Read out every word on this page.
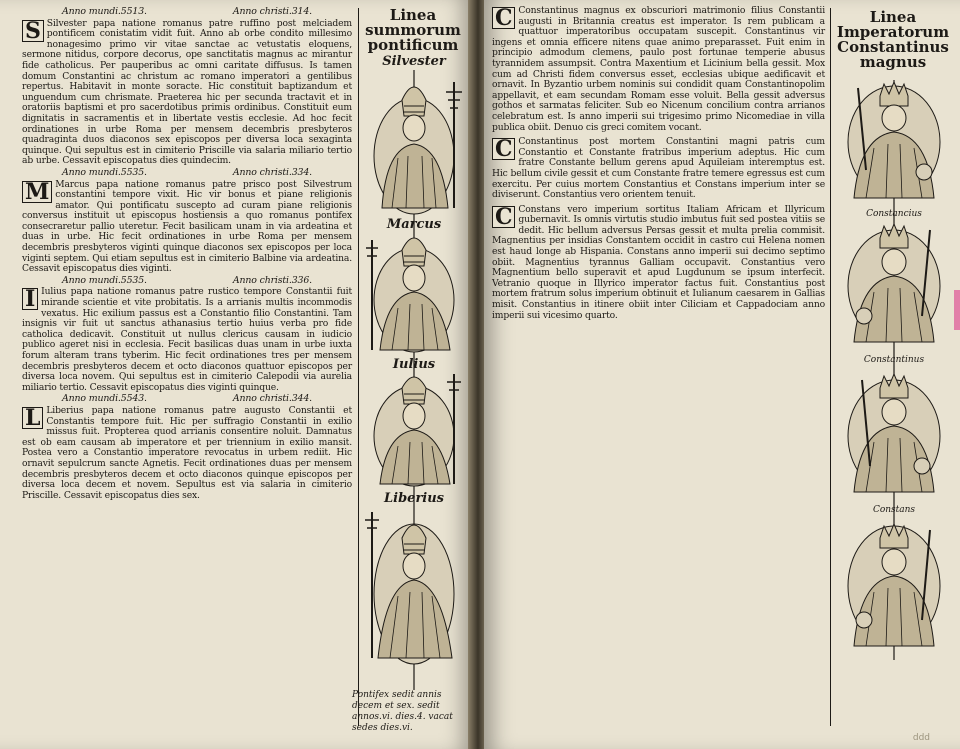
Anno mundi.5513.	Anno christi.314.

S Silvester papa natione romanus patre ruffino post melciadem pontificem conistatim vidit fuit. Anno ab orbe condito millesimo nonagesimo primo vir vitae sanctae ac vetustatis eloquens, sermone nitidus, corpore decorus, ope sanctitatis magnus ac mirantur fide catholicus. Per pauperibus ac omni caritate diffusus. Is tamen domum Constantini ac christum ac romano imperatori a gentilibus repertus. Habitavit in monte soracte. Hic constituit baptizandum et unguendum cum chrismate. Praeterea hic per secunda tractavit et in oratoriis baptismi et pro sacerdotibus primis ordinibus. Constituit eum dignitatis in sacramentis et in libertate vestis ecclesie. Ad hoc fecit ordinationes in urbe Roma per mensem decembris presbyteros quadraginta duos diaconos sex episcopos per diversa loca sexaginta quinque. Qui sepultus est in cimiterio Priscille via salaria miliario tertio ab urbe. Cessavit episcopatus dies quindecim.

Anno mundi.5535.	Anno christi.334.

M Marcus papa natione romanus patre prisco post Silvestrum constantini tempore vixit. Hic vir bonus et piane religionis amator. Qui pontificatu suscepto ad curam piane religionis conversus instituit ut episcopus hostiensis a quo romanus pontifex consecraretur pallio uteretur. Fecit basilicam unam in via ardeatina et duas in urbe. Hic fecit ordinationes in urbe Roma per mensem decembris presbyteros viginti quinque diaconos sex episcopos per loca viginti septem. Qui etiam sepultus est in cimiterio Balbine via ardeatina. Cessavit episcopatus dies viginti.

Anno mundi.5535.	Anno christi.336.

I Iulius papa natione romanus patre rustico tempore Constantii fuit mirande scientie et vite probitatis. Is a arrianis multis incommodis vexatus. Hic exilium passus est a Constantio filio Constantini. Tam insignis vir fuit ut sanctus athanasius tertio huius verba pro fide catholica dedicavit. Constituit ut nullus clericus causam in iudicio publico ageret nisi in ecclesia. Fecit basilicas duas unam in urbe iuxta forum alteram trans tyberim. Hic fecit ordinationes tres per mensem decembris presbyteros decem et octo diaconos quattuor episcopos per diversa loca novem. Qui sepultus est in cimiterio Calepodii via aurelia miliario tertio. Cessavit episcopatus dies viginti quinque.

Anno mundi.5543.	Anno christi.344.

L Liberius papa natione romanus patre augusto Constantii et Constantis tempore fuit. Hic per suffragio Constantii in exilio missus fuit. Propterea quod arrianis consentire noluit. Damnatus est ob eam causam ab imperatore et per triennium in exilio mansit. Postea vero a Constantio imperatore revocatus in urbem rediit. Hic ornavit sepulcrum sancte Agnetis. Fecit ordinationes duas per mensem decembris presbyteros decem et octo diaconos quinque episcopos per diversa loca decem et novem. Sepultus est via salaria in cimiterio Priscille. Cessavit episcopatus dies sex.

Linea summorum
pontificum
Marcus
Iulius
Liberius
Silvester
Pontifex sedit annis decem et sex. sedit annos.vi. dies.4. vacat sedes dies.vi.

C Constantinus magnus ex obscuriori matrimonio filius Constantii augusti in Britannia creatus est imperator. Is rem publicam a quattuor imperatoribus occupatam suscepit. Constantinus vir ingens et omnia efficere nitens quae animo preparasset. Fuit enim in principio admodum clemens, paulo post fortunae temperie abusus tyrannidem assumpsit. Contra Maxentium et Licinium bella gessit. Mox cum ad Christi fidem conversus esset, ecclesias ubique aedificavit et ornavit. In Byzantio urbem nominis sui condidit quam Constantinopolim appellavit, et eam secundam Romam esse voluit. Bella gessit adversus gothos et sarmatas feliciter. Sub eo Nicenum concilium contra arrianos celebratum est. Is anno imperii sui trigesimo primo Nicomediae in villa publica obiit. Denuo cis greci comitem vocant.

C Constantinus post mortem Constantini magni patris cum Constantio et Constante fratribus imperium adeptus. Hic cum fratre Constante bellum gerens apud Aquileiam interemptus est. Hic bellum civile gessit et cum Constante fratre temere egressus est cum exercitu. Per cuius mortem Constantius et Constans imperium inter se diviserunt. Constantius vero orientem tenuit.

C Constans vero imperium sortitus Italiam Africam et Illyricum gubernavit. Is omnis virtutis studio imbutus fuit sed postea vitiis se dedit. Hic bellum adversus Persas gessit et multa prelia commisit. Magnentius per insidias Constantem occidit in castro cui Helena nomen est haud longe ab Hispania. Constans anno imperii sui decimo septimo obiit. Magnentius tyrannus Galliam occupavit. Constantius vero Magnentium bello superavit et apud Lugdunum se ipsum interfecit. Vetranio quoque in Illyrico imperator factus fuit. Constantius post mortem fratrum solus imperium obtinuit et Iulianum caesarem in Gallias misit. Constantius in itinere obiit inter Ciliciam et Cappadociam anno imperii sui vicesimo quarto.

Linea Imperatorum
Constantinus
magnus
Constancius
Constantinus
Constans
ddd
